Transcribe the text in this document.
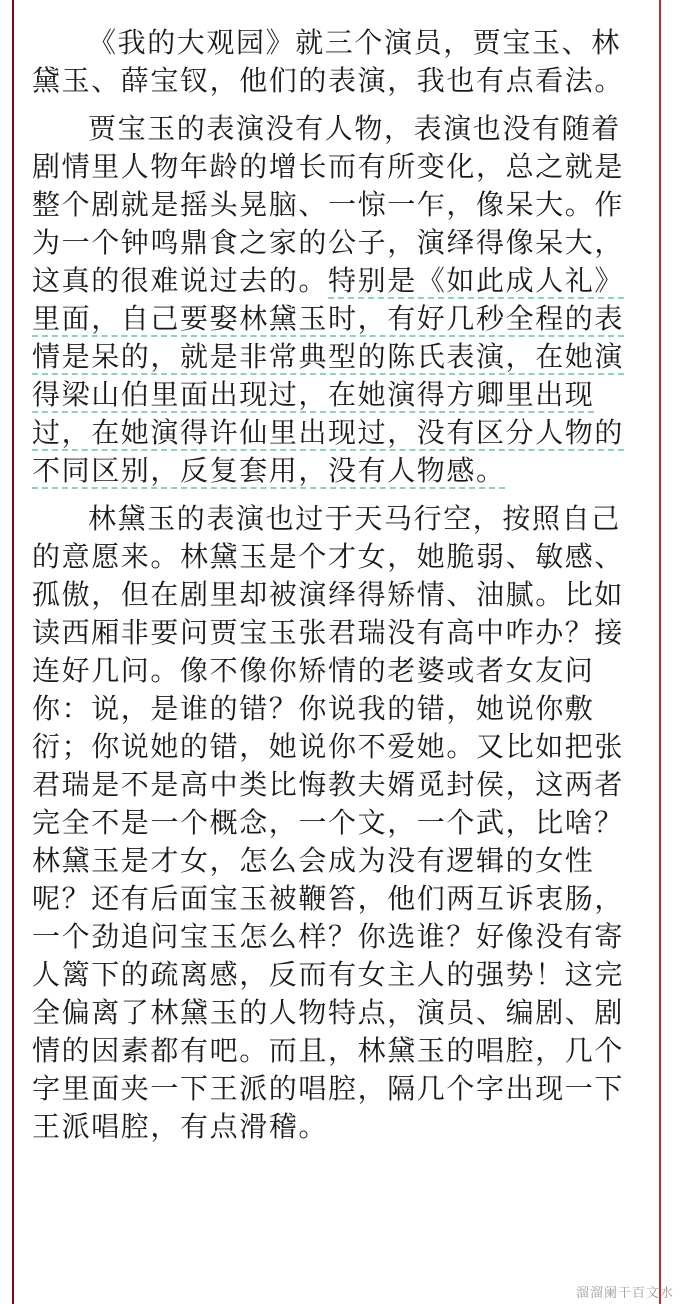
《我的大观园》就三个演员，贾宝玉、林
黛玉、薛宝钗，他们的表演，我也有点看法。
贾宝玉的表演没有人物，表演也没有随着
剧情里人物年龄的增长而有所变化，总之就是
整个剧就是摇头晃脑、一惊一乍，像呆大。作
为一个钟鸣鼎食之家的公子，演绎得像呆大，
这真的很难说过去的。特别是《如此成人礼》
里面，自己要娶林黛玉时，有好几秒全程的表
情是呆的，就是非常典型的陈氏表演，在她演
得梁山伯里面出现过，在她演得方卿里出现
过，在她演得许仙里出现过，没有区分人物的
不同区别，反复套用，没有人物感。
林黛玉的表演也过于天马行空，按照自己
的意愿来。林黛玉是个才女，她脆弱、敏感、
孤傲，但在剧里却被演绎得矫情、油腻。比如
读西厢非要问贾宝玉张君瑞没有高中咋办？接
连好几问。像不像你矫情的老婆或者女友问
你：说，是谁的错？你说我的错，她说你敷
衍；你说她的错，她说你不爱她。又比如把张
君瑞是不是高中类比悔教夫婿觅封侯，这两者
完全不是一个概念，一个文，一个武，比啥？
林黛玉是才女，怎么会成为没有逻辑的女性
呢？还有后面宝玉被鞭笞，他们两互诉衷肠，
一个劲追问宝玉怎么样？你选谁？好像没有寄
人篱下的疏离感，反而有女主人的强势！这完
全偏离了林黛玉的人物特点，演员、编剧、剧
情的因素都有吧。而且，林黛玉的唱腔，几个
字里面夹一下王派的唱腔，隔几个字出现一下
王派唱腔，有点滑稽。
溜溜阑干百文水
